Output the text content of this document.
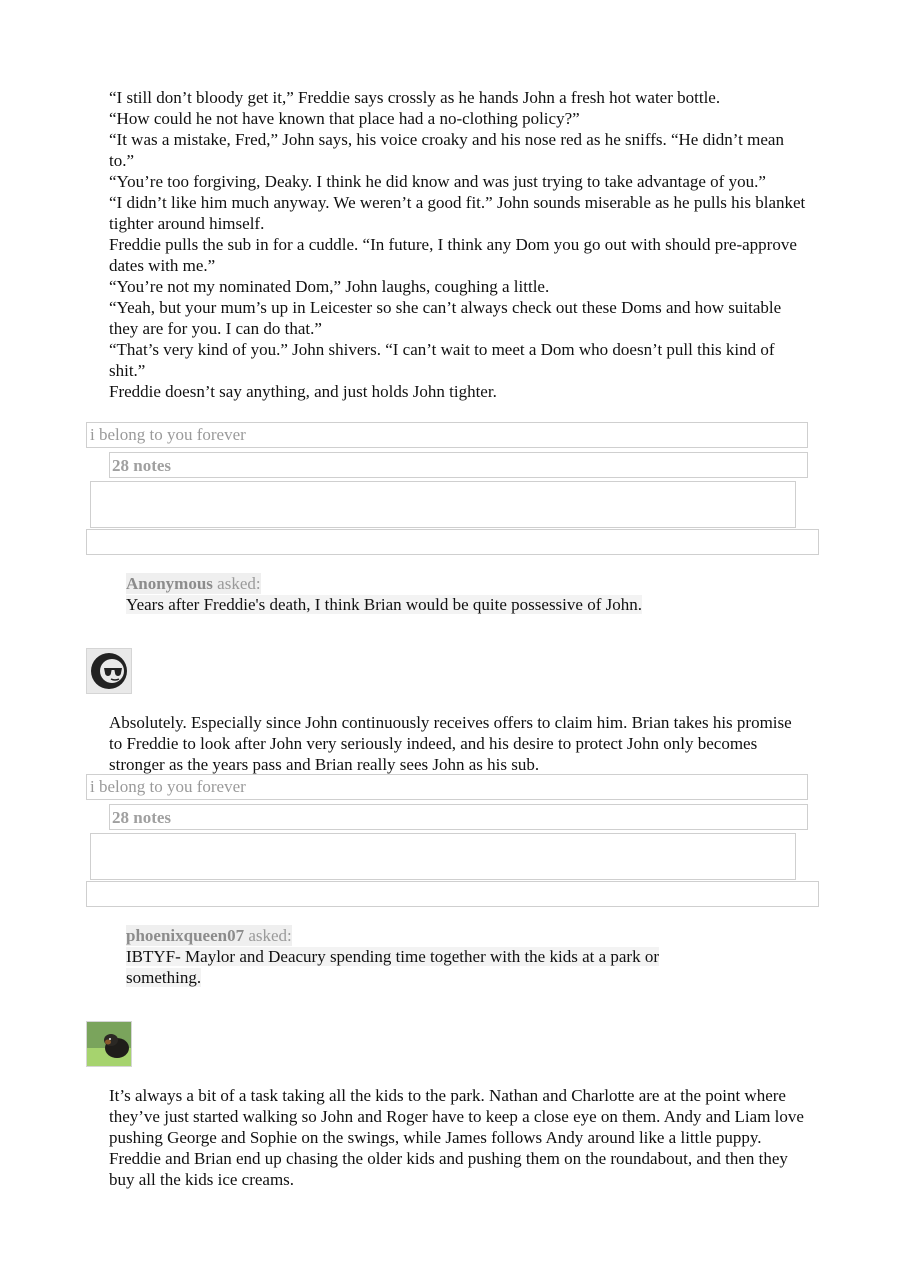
“I still don’t bloody get it,” Freddie says crossly as he hands John a fresh hot water bottle.

“How could he not have known that place had a no-clothing policy?”

“It was a mistake, Fred,” John says, his voice croaky and his nose red as he sniffs. “He didn’t mean to.”

“You’re too forgiving, Deaky. I think he did know and was just trying to take advantage of you.”

“I didn’t like him much anyway. We weren’t a good fit.” John sounds miserable as he pulls his blanket tighter around himself.

Freddie pulls the sub in for a cuddle. “In future, I think any Dom you go out with should pre-approve dates with me.”

“You’re not my nominated Dom,” John laughs, coughing a little.

“Yeah, but your mum’s up in Leicester so she can’t always check out these Doms and how suitable they are for you. I can do that.”

“That’s very kind of you.” John shivers. “I can’t wait to meet a Dom who doesn’t pull this kind of shit.”

Freddie doesn’t say anything, and just holds John tighter.

i belong to you forever
28 notes
Anonymous asked:
Years after Freddie's death, I think Brian would be quite possessive of John.

Absolutely. Especially since John continuously receives offers to claim him. Brian takes his promise to Freddie to look after John very seriously indeed, and his desire to protect John only becomes stronger as the years pass and Brian really sees John as his sub.

i belong to you forever
28 notes
phoenixqueen07 asked:
IBTYF- Maylor and Deacury spending time together with the kids at a park or something.

It’s always a bit of a task taking all the kids to the park. Nathan and Charlotte are at the point where they’ve just started walking so John and Roger have to keep a close eye on them. Andy and Liam love pushing George and Sophie on the swings, while James follows Andy around like a little puppy. Freddie and Brian end up chasing the older kids and pushing them on the roundabout, and then they buy all the kids ice creams.
